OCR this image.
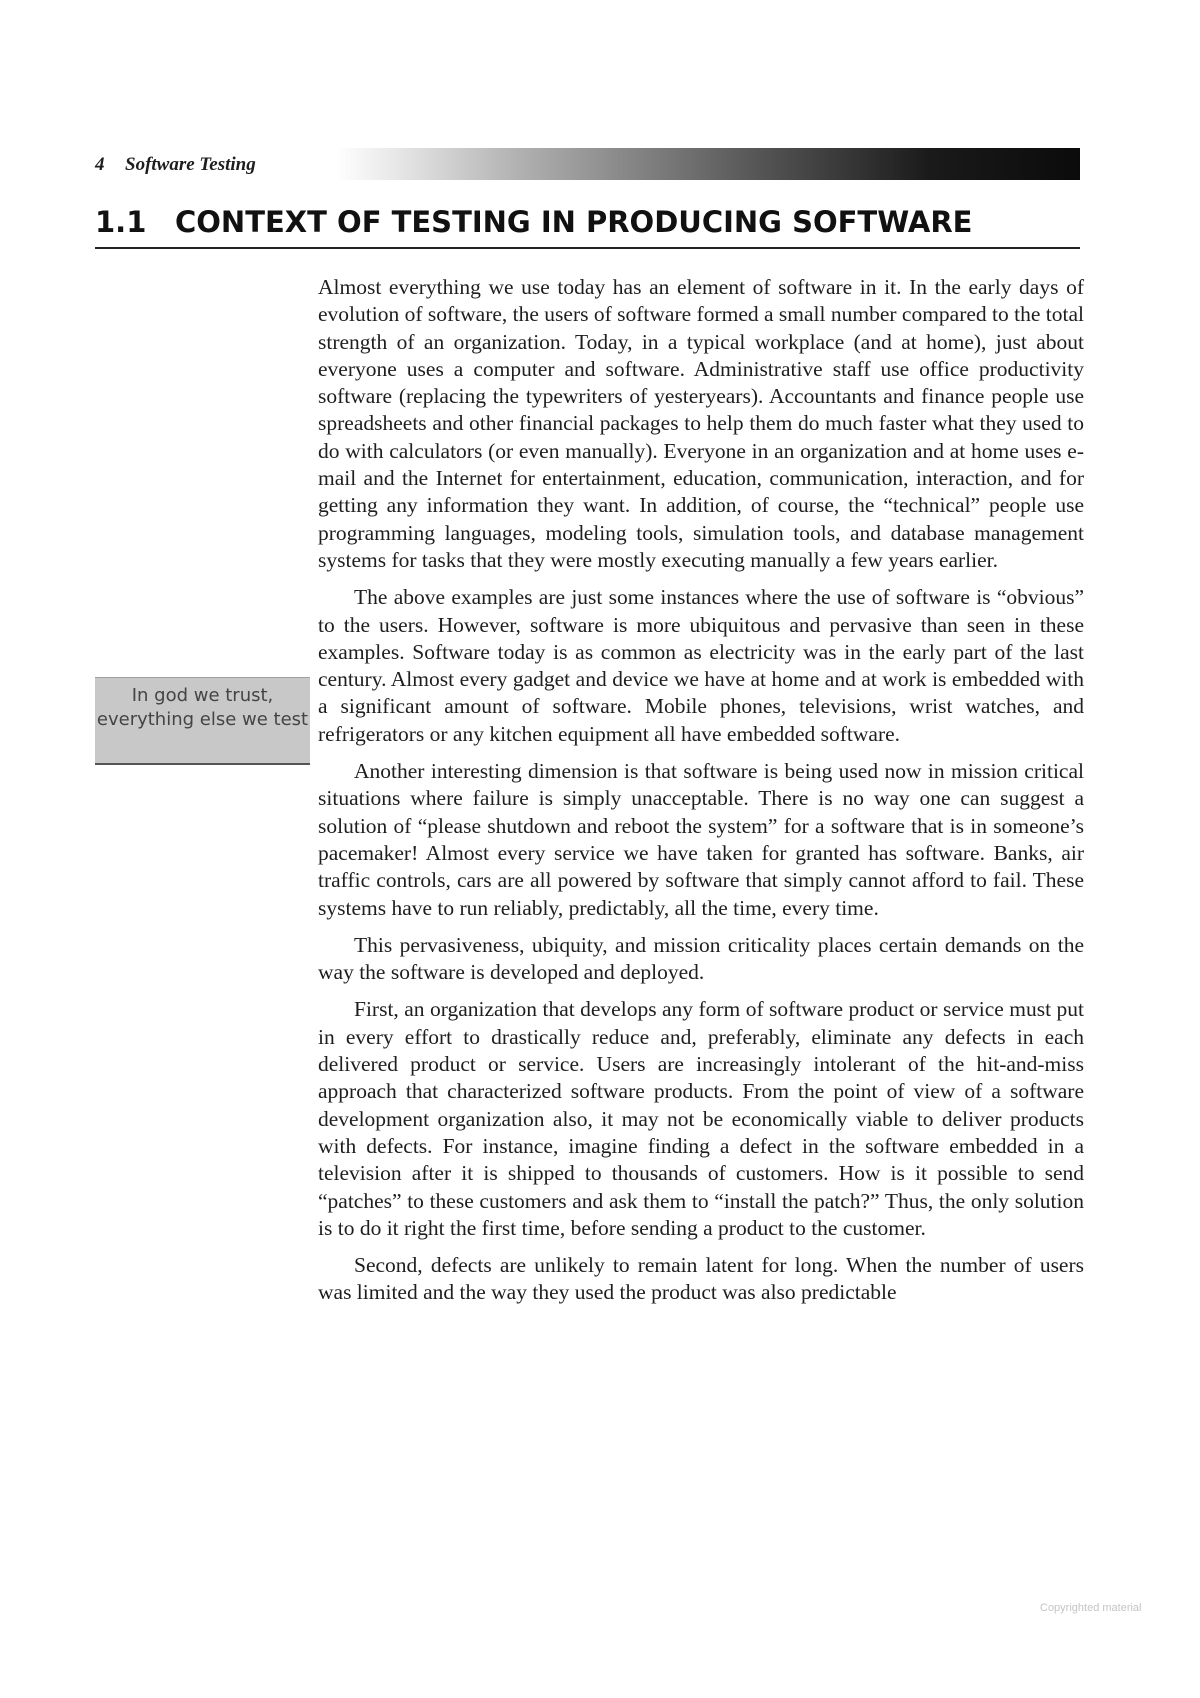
4 Software Testing
1.1 CONTEXT OF TESTING IN PRODUCING SOFTWARE
In god we trust, everything else we test

Almost everything we use today has an element of software in it. In the early days of evolution of software, the users of software formed a small number compared to the total strength of an organization. Today, in a typical workplace (and at home), just about everyone uses a computer and software. Administrative staff use office productivity software (replacing the typewriters of yesteryears). Accountants and finance people use spreadsheets and other financial packages to help them do much faster what they used to do with calculators (or even manually). Everyone in an organization and at home uses e-mail and the Internet for entertainment, education, communication, interaction, and for getting any information they want. In addition, of course, the “technical” people use programming languages, modeling tools, simulation tools, and database management systems for tasks that they were mostly executing manually a few years earlier.

The above examples are just some instances where the use of software is “obvious” to the users. However, software is more ubiquitous and pervasive than seen in these examples. Software today is as common as electricity was in the early part of the last century. Almost every gadget and device we have at home and at work is embedded with a significant amount of software. Mobile phones, televisions, wrist watches, and refrigerators or any kitchen equipment all have embedded software.

Another interesting dimension is that software is being used now in mission critical situations where failure is simply unacceptable. There is no way one can suggest a solution of “please shutdown and reboot the system” for a software that is in someone’s pacemaker! Almost every service we have taken for granted has software. Banks, air traffic controls, cars are all powered by software that simply cannot afford to fail. These systems have to run reliably, predictably, all the time, every time.

This pervasiveness, ubiquity, and mission criticality places certain demands on the way the software is developed and deployed.

First, an organization that develops any form of software product or service must put in every effort to drastically reduce and, preferably, eliminate any defects in each delivered product or service. Users are increasingly intolerant of the hit-and-miss approach that characterized software products. From the point of view of a software development organization also, it may not be economically viable to deliver products with defects. For instance, imagine finding a defect in the software embedded in a television after it is shipped to thousands of customers. How is it possible to send “patches” to these customers and ask them to “install the patch?” Thus, the only solution is to do it right the first time, before sending a product to the customer.

Second, defects are unlikely to remain latent for long. When the number of users was limited and the way they used the product was also predictable

Copyrighted material
